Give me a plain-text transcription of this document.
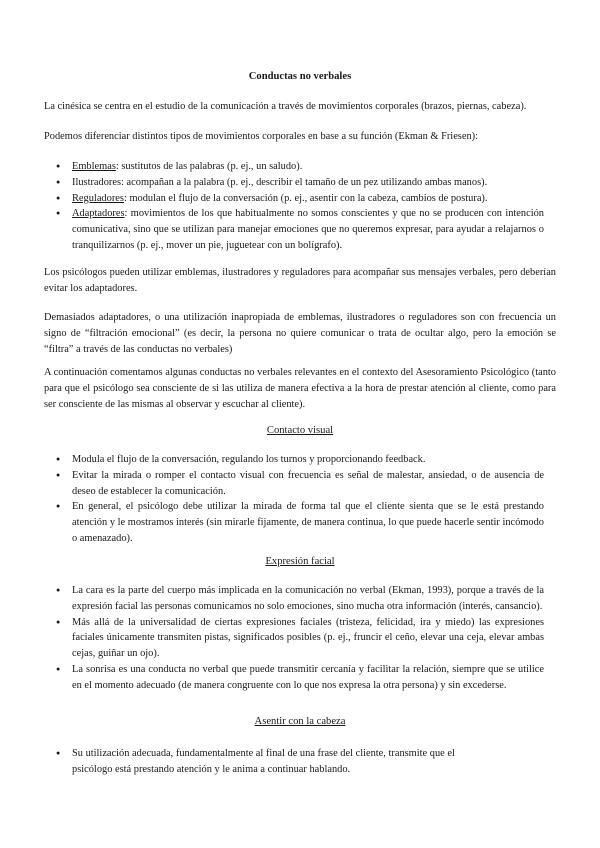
Conductas no verbales

La cinésica se centra en el estudio de la comunicación a través de movimientos corporales (brazos, piernas, cabeza).

Podemos diferenciar distintos tipos de movimientos corporales en base a su función (Ekman & Friesen):

● Emblemas: sustitutos de las palabras (p. ej., un saludo).
● Ilustradores: acompañan a la palabra (p. ej., describir el tamaño de un pez utilizando ambas manos).
● Reguladores: modulan el flujo de la conversación (p. ej., asentir con la cabeza, cambios de postura).
● Adaptadores: movimientos de los que habitualmente no somos conscientes y que no se producen con intención comunicativa, sino que se utilizan para manejar emociones que no queremos expresar, para ayudar a relajarnos o tranquilizarnos (p. ej., mover un pie, juguetear con un bolígrafo).

Los psicólogos pueden utilizar emblemas, ilustradores y reguladores para acompañar sus mensajes verbales, pero deberían evitar los adaptadores.

Demasiados adaptadores, o una utilización inapropiada de emblemas, ilustradores o reguladores son con frecuencia un signo de “filtración emocional” (es decir, la persona no quiere comunicar o trata de ocultar algo, pero la emoción se “filtra” a través de las conductas no verbales)

A continuación comentamos algunas conductas no verbales relevantes en el contexto del Asesoramiento Psicológico (tanto para que el psicólogo sea consciente de si las utiliza de manera efectiva a la hora de prestar atención al cliente, como para ser consciente de las mismas al observar y escuchar al cliente).

Contacto visual

● Modula el flujo de la conversación, regulando los turnos y proporcionando feedback.
● Evitar la mirada o romper el contacto visual con frecuencia es señal de malestar, ansiedad, o de ausencia de deseo de establecer la comunicación.
● En general, el psicólogo debe utilizar la mirada de forma tal que el cliente sienta que se le está prestando atención y le mostramos interés (sin mirarle fijamente, de manera continua, lo que puede hacerle sentir incómodo o amenazado).

Expresión facial

● La cara es la parte del cuerpo más implicada en la comunicación no verbal (Ekman, 1993), porque a través de la expresión facial las personas comunicamos no solo emociones, sino mucha otra información (interés, cansancio).
● Más allá de la universalidad de ciertas expresiones faciales (tristeza, felicidad, ira y miedo) las expresiones faciales únicamente transmiten pistas, significados posibles (p. ej., fruncir el ceño, elevar una ceja, elevar ambas cejas, guiñar un ojo).
● La sonrisa es una conducta no verbal que puede transmitir cercanía y facilitar la relación, siempre que se utilice en el momento adecuado (de manera congruente con lo que nos expresa la otra persona) y sin excederse.

Asentir con la cabeza

● Su utilización adecuada, fundamentalmente al final de una frase del cliente, transmite que el psicólogo está prestando atención y le anima a continuar hablando.
